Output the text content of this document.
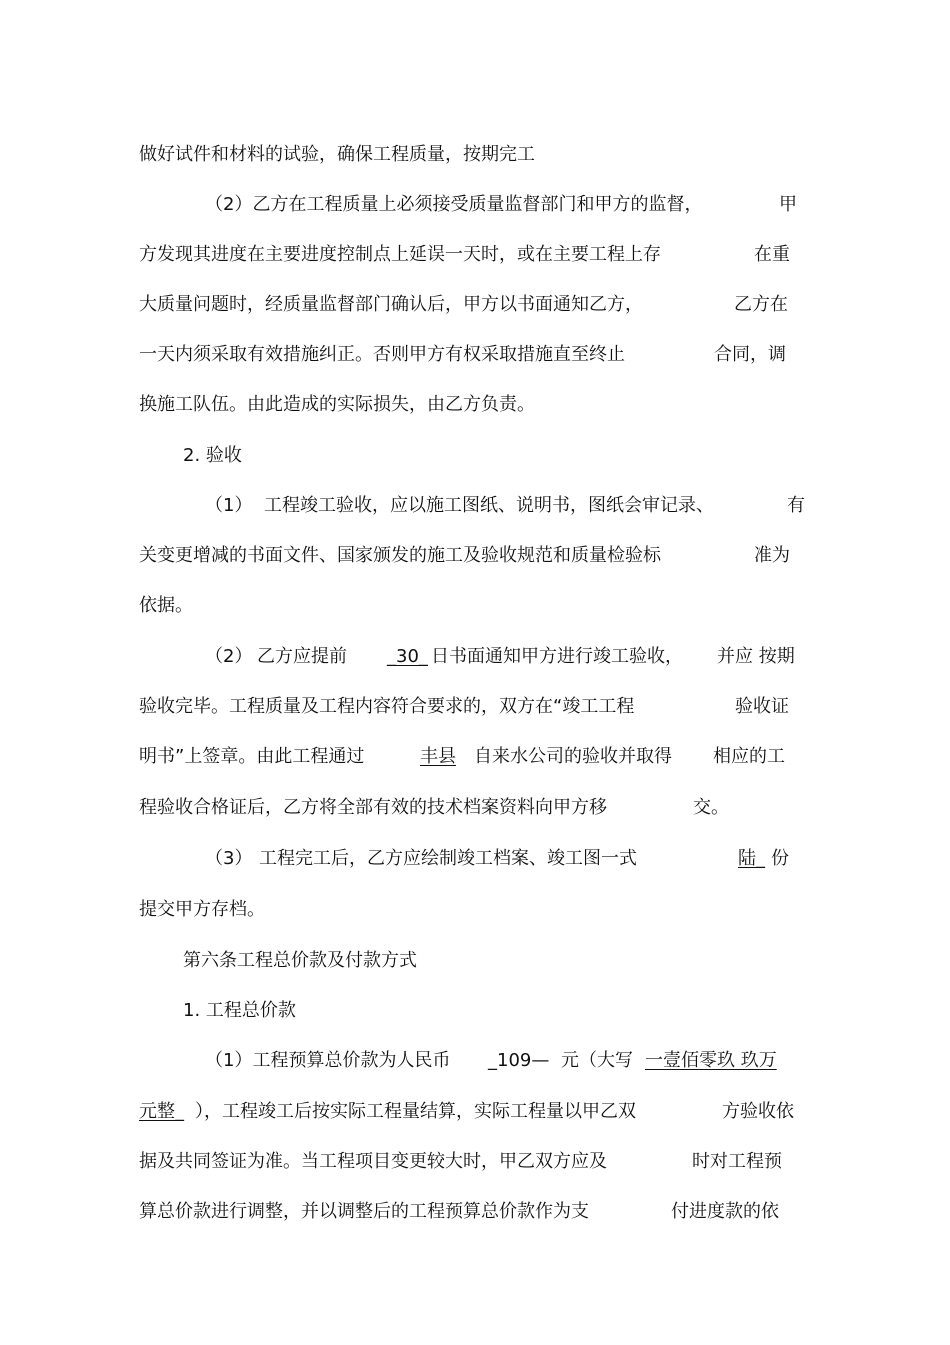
做好试件和材料的试验，确保工程质量，按期完工
（2）乙方在工程质量上必须接受质量监督部门和甲方的监督，	甲
方发现其进度在主要进度控制点上延误一天时，或在主要工程上存	在重
大质量问题时，经质量监督部门确认后，甲方以书面通知乙方，	乙方在
一天内须采取有效措施纠正。否则甲方有权采取措施直至终止	合同，调
换施工队伍。由此造成的实际损失，由乙方负责。
2. 验收
（1） 工程竣工验收，应以施工图纸、说明书，图纸会审记录、	有
关变更增减的书面文件、国家颁发的施工及验收规范和质量检验标	准为
依据。
（2） 乙方应提前 _30_ 日书面通知甲方进行竣工验收， 并应 按期
验收完毕。工程质量及工程内容符合要求的，双方在“竣工工程	验收证
明书”上签章。由此工程通过	丰县 自来水公司的验收并取得 相应的工
程验收合格证后，乙方将全部有效的技术档案资料向甲方移	交。
（3） 工程完工后，乙方应绘制竣工档案、竣工图一式	陆_ 份
提交甲方存档。
第六条工程总价款及付款方式
1. 工程总价款
（1）工程预算总价款为人民币 _109— 元（大写 一壹佰零玖 玖万
元整_ ），工程竣工后按实际工程量结算，实际工程量以甲乙双	方验收依
据及共同签证为准。当工程项目变更较大时，甲乙双方应及	时对工程预
算总价款进行调整，并以调整后的工程预算总价款作为支	付进度款的依
